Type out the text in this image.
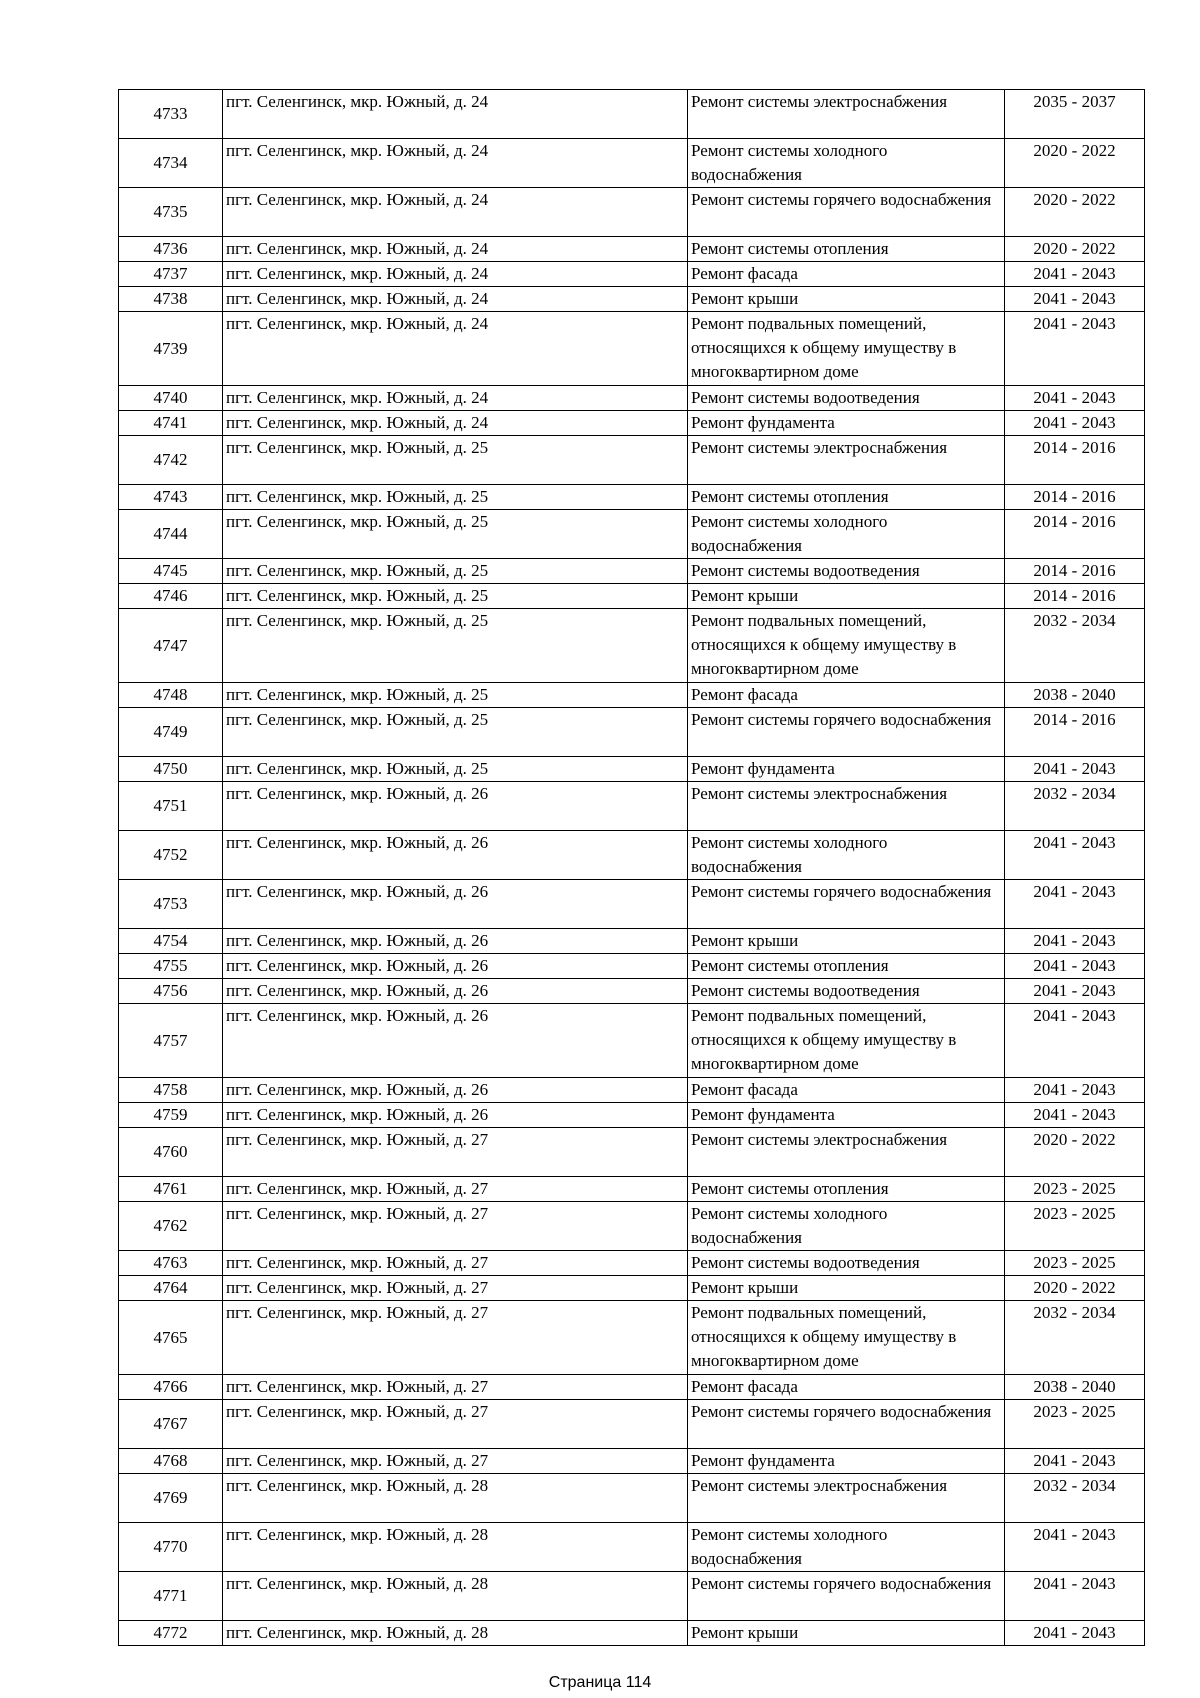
4733	пгт. Селенгинск, мкр. Южный, д. 24	Ремонт системы электроснабжения	2035 - 2037
4734	пгт. Селенгинск, мкр. Южный, д. 24	Ремонт системы холодного водоснабжения	2020 - 2022
4735	пгт. Селенгинск, мкр. Южный, д. 24	Ремонт системы горячего водоснабжения	2020 - 2022
4736	пгт. Селенгинск, мкр. Южный, д. 24	Ремонт системы отопления	2020 - 2022
4737	пгт. Селенгинск, мкр. Южный, д. 24	Ремонт фасада	2041 - 2043
4738	пгт. Селенгинск, мкр. Южный, д. 24	Ремонт крыши	2041 - 2043
4739	пгт. Селенгинск, мкр. Южный, д. 24	Ремонт подвальных помещений, относящихся к общему имуществу в многоквартирном доме	2041 - 2043
4740	пгт. Селенгинск, мкр. Южный, д. 24	Ремонт системы водоотведения	2041 - 2043
4741	пгт. Селенгинск, мкр. Южный, д. 24	Ремонт фундамента	2041 - 2043
4742	пгт. Селенгинск, мкр. Южный, д. 25	Ремонт системы электроснабжения	2014 - 2016
4743	пгт. Селенгинск, мкр. Южный, д. 25	Ремонт системы отопления	2014 - 2016
4744	пгт. Селенгинск, мкр. Южный, д. 25	Ремонт системы холодного водоснабжения	2014 - 2016
4745	пгт. Селенгинск, мкр. Южный, д. 25	Ремонт системы водоотведения	2014 - 2016
4746	пгт. Селенгинск, мкр. Южный, д. 25	Ремонт крыши	2014 - 2016
4747	пгт. Селенгинск, мкр. Южный, д. 25	Ремонт подвальных помещений, относящихся к общему имуществу в многоквартирном доме	2032 - 2034
4748	пгт. Селенгинск, мкр. Южный, д. 25	Ремонт фасада	2038 - 2040
4749	пгт. Селенгинск, мкр. Южный, д. 25	Ремонт системы горячего водоснабжения	2014 - 2016
4750	пгт. Селенгинск, мкр. Южный, д. 25	Ремонт фундамента	2041 - 2043
4751	пгт. Селенгинск, мкр. Южный, д. 26	Ремонт системы электроснабжения	2032 - 2034
4752	пгт. Селенгинск, мкр. Южный, д. 26	Ремонт системы холодного водоснабжения	2041 - 2043
4753	пгт. Селенгинск, мкр. Южный, д. 26	Ремонт системы горячего водоснабжения	2041 - 2043
4754	пгт. Селенгинск, мкр. Южный, д. 26	Ремонт крыши	2041 - 2043
4755	пгт. Селенгинск, мкр. Южный, д. 26	Ремонт системы отопления	2041 - 2043
4756	пгт. Селенгинск, мкр. Южный, д. 26	Ремонт системы водоотведения	2041 - 2043
4757	пгт. Селенгинск, мкр. Южный, д. 26	Ремонт подвальных помещений, относящихся к общему имуществу в многоквартирном доме	2041 - 2043
4758	пгт. Селенгинск, мкр. Южный, д. 26	Ремонт фасада	2041 - 2043
4759	пгт. Селенгинск, мкр. Южный, д. 26	Ремонт фундамента	2041 - 2043
4760	пгт. Селенгинск, мкр. Южный, д. 27	Ремонт системы электроснабжения	2020 - 2022
4761	пгт. Селенгинск, мкр. Южный, д. 27	Ремонт системы отопления	2023 - 2025
4762	пгт. Селенгинск, мкр. Южный, д. 27	Ремонт системы холодного водоснабжения	2023 - 2025
4763	пгт. Селенгинск, мкр. Южный, д. 27	Ремонт системы водоотведения	2023 - 2025
4764	пгт. Селенгинск, мкр. Южный, д. 27	Ремонт крыши	2020 - 2022
4765	пгт. Селенгинск, мкр. Южный, д. 27	Ремонт подвальных помещений, относящихся к общему имуществу в многоквартирном доме	2032 - 2034
4766	пгт. Селенгинск, мкр. Южный, д. 27	Ремонт фасада	2038 - 2040
4767	пгт. Селенгинск, мкр. Южный, д. 27	Ремонт системы горячего водоснабжения	2023 - 2025
4768	пгт. Селенгинск, мкр. Южный, д. 27	Ремонт фундамента	2041 - 2043
4769	пгт. Селенгинск, мкр. Южный, д. 28	Ремонт системы электроснабжения	2032 - 2034
4770	пгт. Селенгинск, мкр. Южный, д. 28	Ремонт системы холодного водоснабжения	2041 - 2043
4771	пгт. Селенгинск, мкр. Южный, д. 28	Ремонт системы горячего водоснабжения	2041 - 2043
4772	пгт. Селенгинск, мкр. Южный, д. 28	Ремонт крыши	2041 - 2043
Страница 114
